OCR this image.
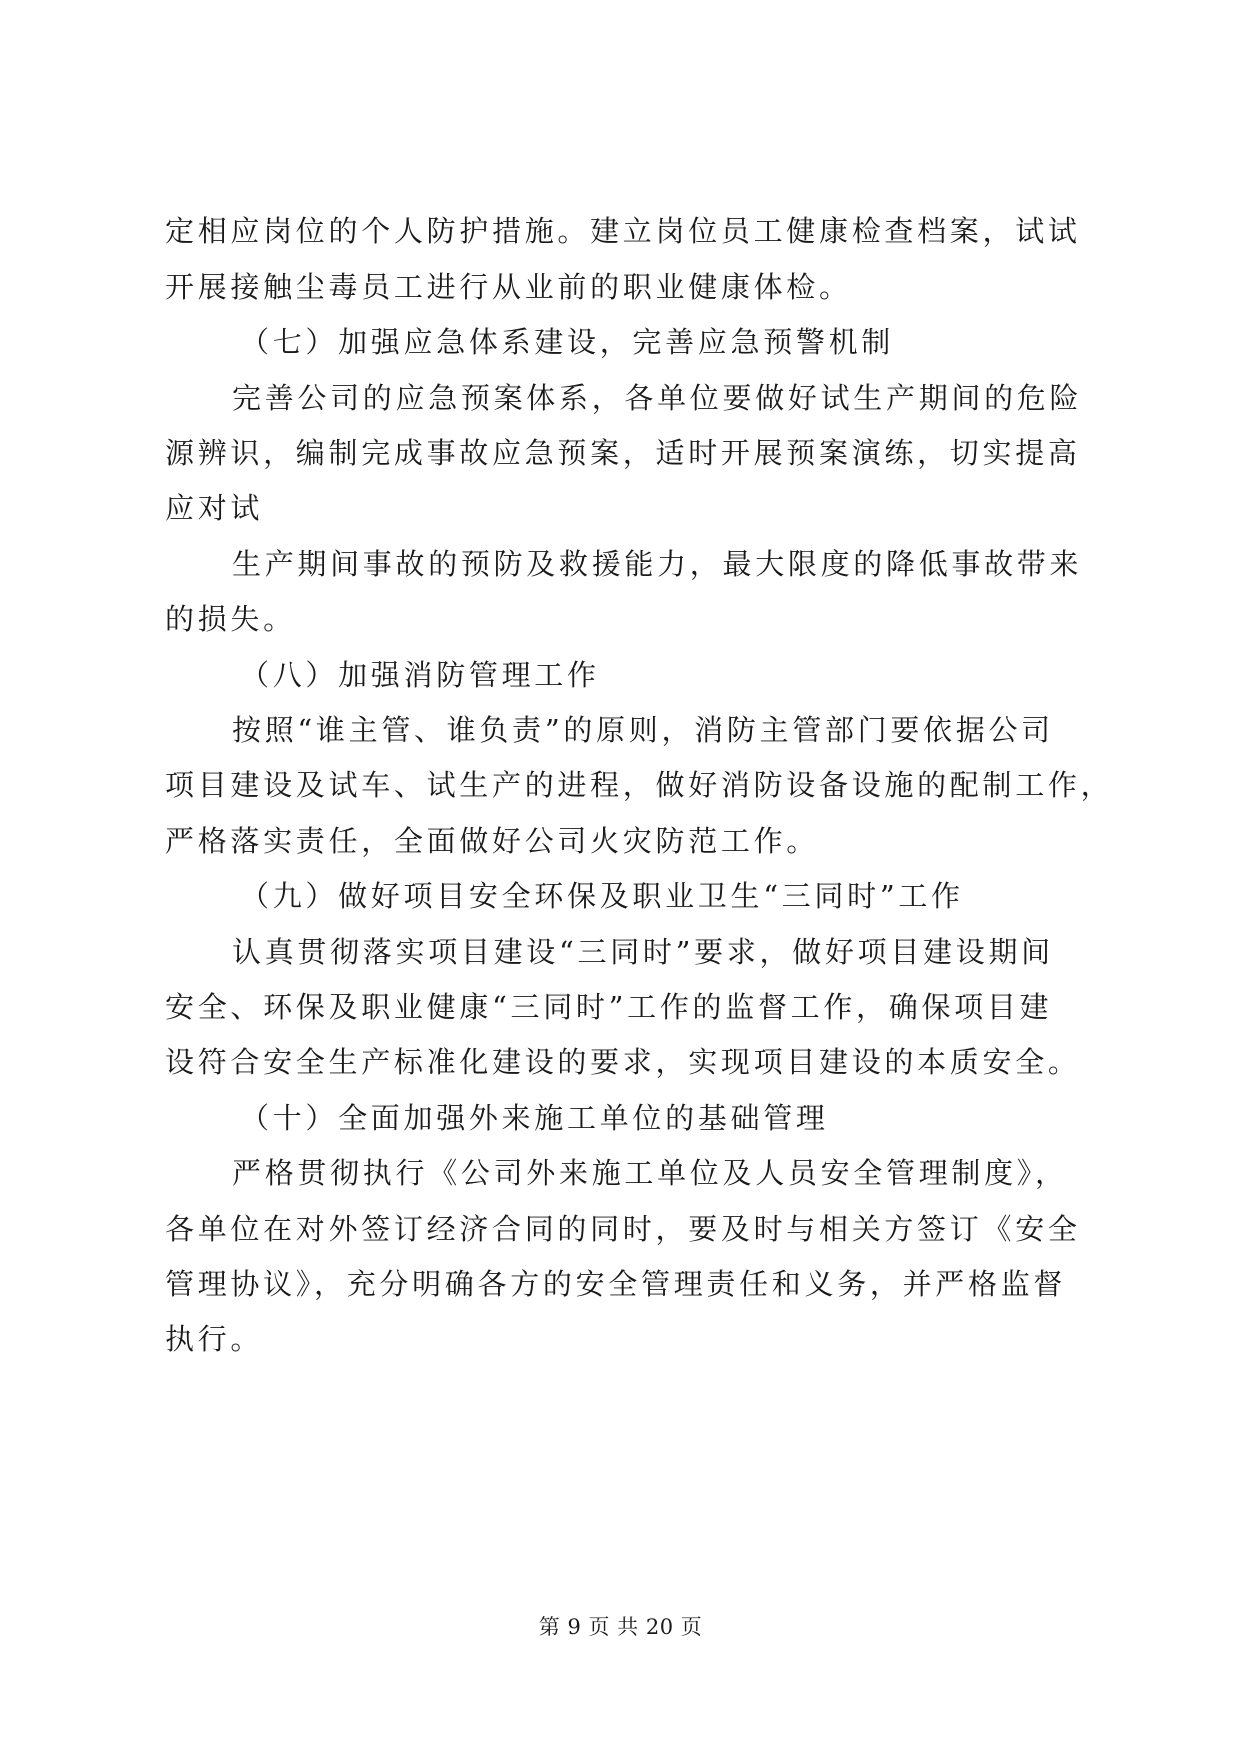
定相应岗位的个人防护措施。建立岗位员工健康检查档案，试试
开展接触尘毒员工进行从业前的职业健康体检。
（七）加强应急体系建设，完善应急预警机制
完善公司的应急预案体系，各单位要做好试生产期间的危险
源辨识，编制完成事故应急预案，适时开展预案演练，切实提高
应对试
生产期间事故的预防及救援能力，最大限度的降低事故带来
的损失。
（八）加强消防管理工作
按照“谁主管、谁负责”的原则，消防主管部门要依据公司
项目建设及试车、试生产的进程，做好消防设备设施的配制工作，
严格落实责任，全面做好公司火灾防范工作。
（九）做好项目安全环保及职业卫生“三同时”工作
认真贯彻落实项目建设“三同时”要求，做好项目建设期间
安全、环保及职业健康“三同时”工作的监督工作，确保项目建
设符合安全生产标准化建设的要求，实现项目建设的本质安全。
（十）全面加强外来施工单位的基础管理
严格贯彻执行《公司外来施工单位及人员安全管理制度》，
各单位在对外签订经济合同的同时，要及时与相关方签订《安全
管理协议》，充分明确各方的安全管理责任和义务，并严格监督
执行。
第 9 页 共 20 页
